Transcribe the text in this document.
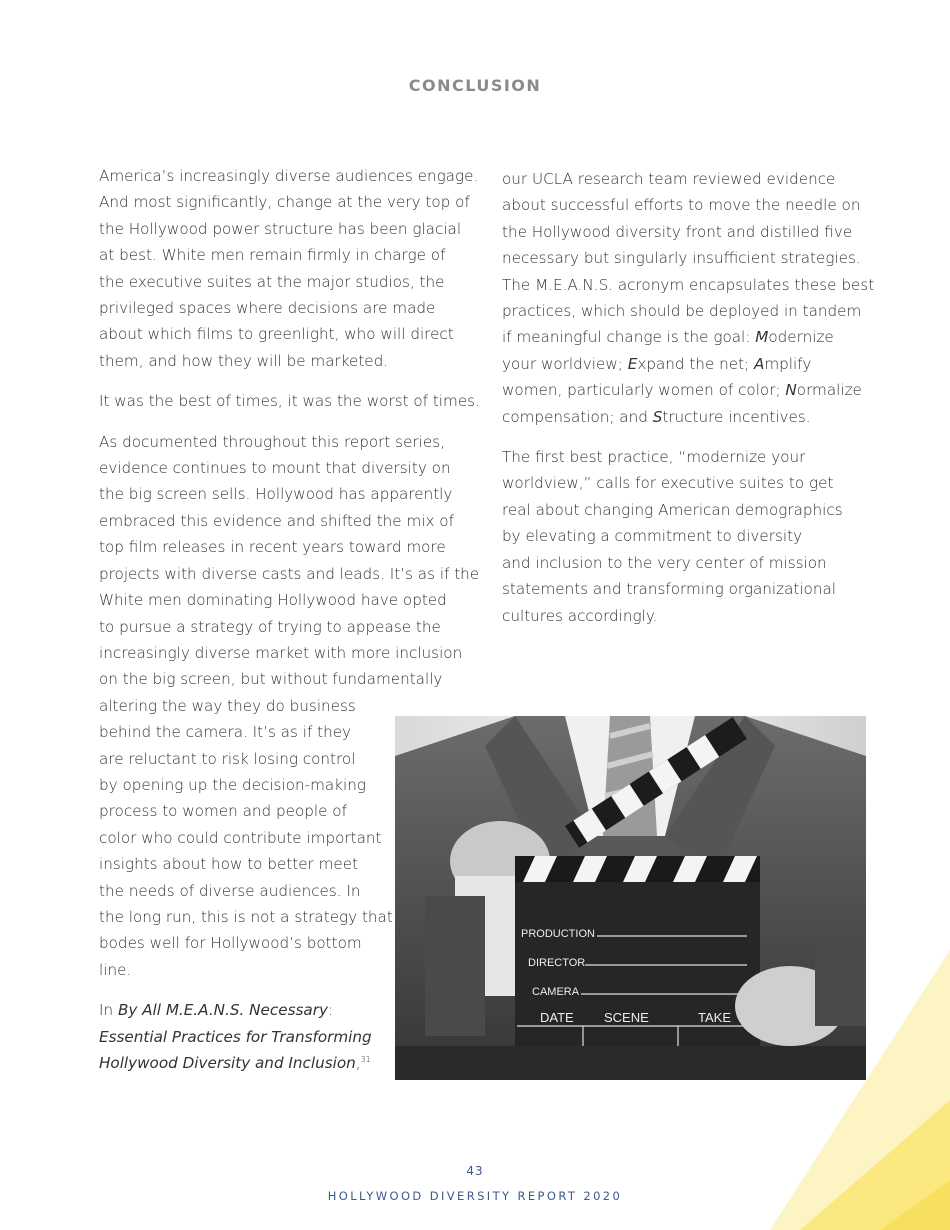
CONCLUSION

America’s increasingly diverse audiences engage.
And most significantly, change at the very top of
the Hollywood power structure has been glacial
at best. White men remain firmly in charge of
the executive suites at the major studios, the
privileged spaces where decisions are made
about which films to greenlight, who will direct
them, and how they will be marketed.

It was the best of times, it was the worst of times.

As documented throughout this report series,
evidence continues to mount that diversity on
the big screen sells. Hollywood has apparently
embraced this evidence and shifted the mix of
top film releases in recent years toward more
projects with diverse casts and leads. It’s as if the
White men dominating Hollywood have opted
to pursue a strategy of trying to appease the
increasingly diverse market with more inclusion
on the big screen, but without fundamentally
altering the way they do business
behind the camera. It’s as if they
are reluctant to risk losing control
by opening up the decision-making
process to women and people of
color who could contribute important
insights about how to better meet
the needs of diverse audiences. In
the long run, this is not a strategy that
bodes well for Hollywood’s bottom
line.

In By All M.E.A.N.S. Necessary:
Essential Practices for Transforming
Hollywood Diversity and Inclusion,$^{31}$

our UCLA research team reviewed evidence
about successful efforts to move the needle on
the Hollywood diversity front and distilled five
necessary but singularly insufficient strategies.
The M.E.A.N.S. acronym encapsulates these best
practices, which should be deployed in tandem
if meaningful change is the goal: Modernize
your worldview; Expand the net; Amplify
women, particularly women of color; Normalize
compensation; and Structure incentives.

The first best practice, “modernize your
worldview,” calls for executive suites to get
real about changing American demographics
by elevating a commitment to diversity
and inclusion to the very center of mission
statements and transforming organizational
cultures accordingly.

PRODUCTION
DIRECTOR
CAMERA
DATE SCENE	TAKE
43
HOLLYWOOD DIVERSITY REPORT 2020
